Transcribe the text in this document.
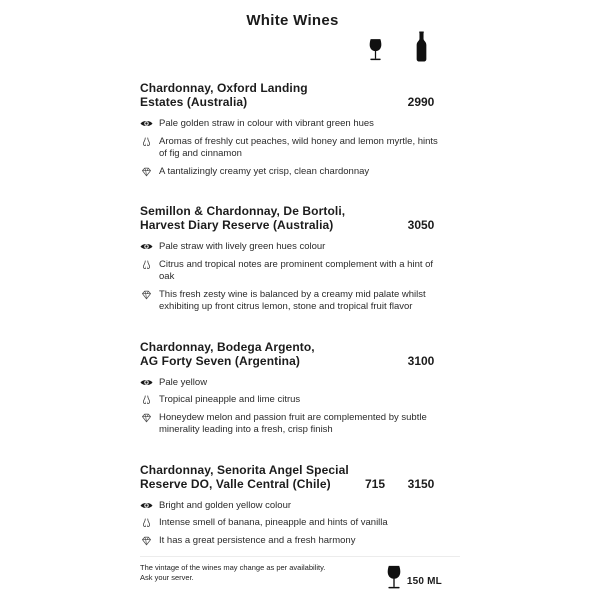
White Wines
Chardonnay, Oxford Landing
Estates (Australia)	2990
Pale golden straw in colour with vibrant green hues
Aromas of freshly cut peaches, wild honey and lemon myrtle, hints of fig and cinnamon
A tantalizingly creamy yet crisp, clean chardonnay
Semillon & Chardonnay, De Bortoli,
Harvest Diary Reserve (Australia)	3050
Pale straw with lively green hues colour
Citrus and tropical notes are prominent complement with a hint of oak
This fresh zesty wine is balanced by a creamy mid palate whilst exhibiting up front citrus lemon, stone and tropical fruit flavor
Chardonnay, Bodega Argento,
AG Forty Seven (Argentina)	3100
Pale yellow
Tropical pineapple and lime citrus
Honeydew melon and passion fruit are complemented by subtle minerality leading into a fresh, crisp finish
Chardonnay, Senorita Angel Special
Reserve DO, Valle Central (Chile)	715	3150
Bright and golden yellow colour
Intense smell of banana, pineapple and hints of vanilla
It has a great persistence and a fresh harmony
The vintage of the wines may change as per availability.
Ask your server.	150 ML
